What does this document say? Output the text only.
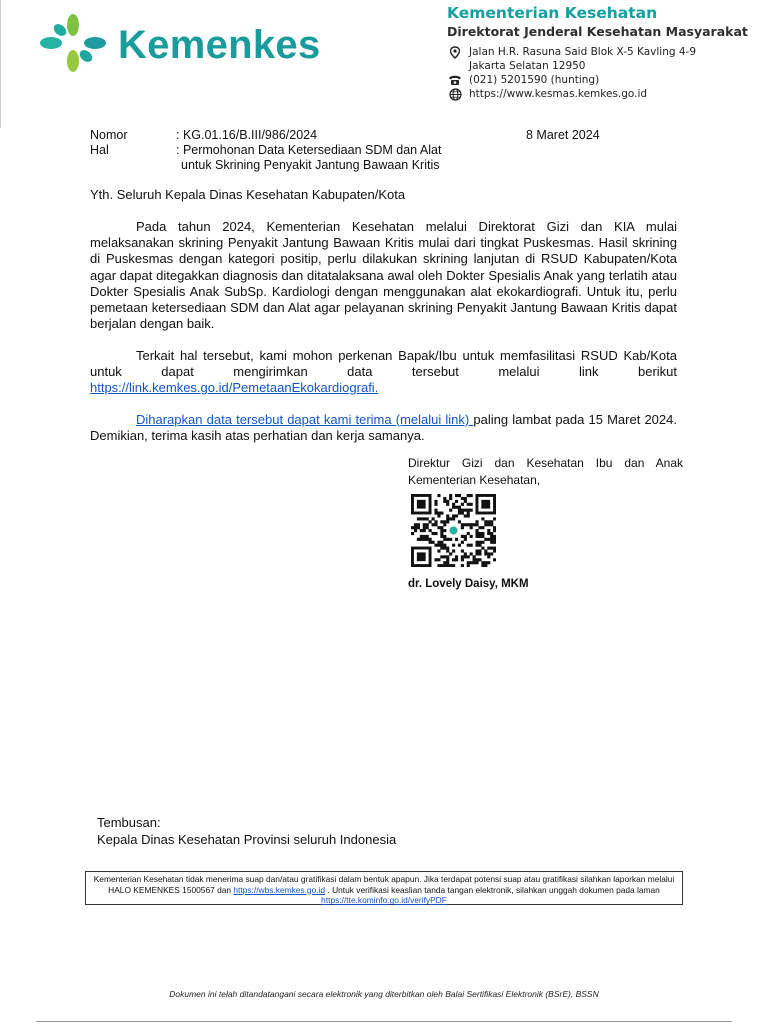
Kemenkes
Kementerian Kesehatan
Direktorat Jenderal Kesehatan Masyarakat
Jalan H.R. Rasuna Said Blok X-5 Kavling 4-9
Jakarta Selatan 12950
(021) 5201590 (hunting)
https://www.kesmas.kemkes.go.id
Nomor	: KG.01.16/B.III/986/2024	8 Maret 2024
Hal	: Permohonan Data Ketersediaan SDM dan Alat
untuk Skrining Penyakit Jantung Bawaan Kritis
Yth. Seluruh Kepala Dinas Kesehatan Kabupaten/Kota

Pada tahun 2024, Kementerian Kesehatan melalui Direktorat Gizi dan KIA mulai melaksanakan skrining Penyakit Jantung Bawaan Kritis mulai dari tingkat Puskesmas. Hasil skrining di Puskesmas dengan kategori positip, perlu dilakukan skrining lanjutan di RSUD Kabupaten/Kota agar dapat ditegakkan diagnosis dan ditatalaksana awal oleh Dokter Spesialis Anak yang terlatih atau Dokter Spesialis Anak SubSp. Kardiologi dengan menggunakan alat ekokardiografi. Untuk itu, perlu pemetaan ketersediaan SDM dan Alat agar pelayanan skrining Penyakit Jantung Bawaan Kritis dapat berjalan dengan baik.

Terkait hal tersebut, kami mohon perkenan Bapak/Ibu untuk memfasilitasi RSUD Kab/Kota untuk dapat mengirimkan data tersebut melalui link berikut https://link.kemkes.go.id/PemetaanEkokardiografi.

Diharapkan data tersebut dapat kami terima (melalui link) paling lambat pada 15 Maret 2024. Demikian, terima kasih atas perhatian dan kerja samanya.

Direktur Gizi dan Kesehatan Ibu dan Anak Kementerian Kesehatan,
dr. Lovely Daisy, MKM
Tembusan:
Kepala Dinas Kesehatan Provinsi seluruh Indonesia
Kementerian Kesehatan tidak menerima suap dan/atau gratifikasi dalam bentuk apapun. Jika terdapat potensi suap atau gratifikasi silahkan laporkan melalui HALO KEMENKES 1500567 dan https://wbs.kemkes.go.id . Untuk verifikasi keaslian tanda tangan elektronik, silahkan unggah dokumen pada laman https://tte.kominfo.go.id/verifyPDF
Dokumen ini telah ditandatangani secara elektronik yang diterbitkan oleh Balai Sertifikasi Elektronik (BSrE), BSSN
